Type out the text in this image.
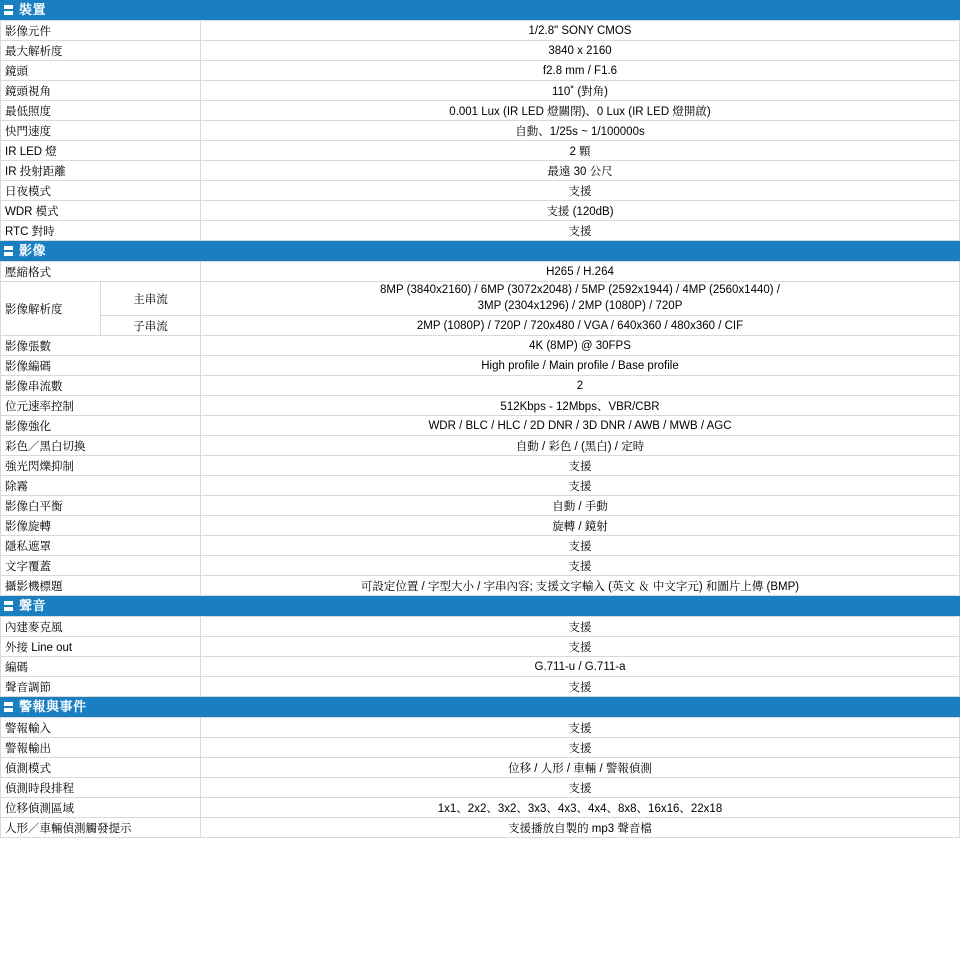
裝置
影像元件	1/2.8" SONY CMOS
最大解析度	3840 x 2160
鏡頭	f2.8 mm / F1.6
鏡頭視角	110˚ (對角)
最低照度	0.001 Lux (IR LED 燈關閉)、0 Lux (IR LED 燈開啟)
快門速度	自動、1/25s ~ 1/100000s
IR LED 燈	2 顆
IR 投射距離	最遠 30 公尺
日夜模式	支援
WDR 模式	支援 (120dB)
RTC 對時	支援
影像
壓縮格式		H265 / H.264
影像解析度	主串流	8MP (3840x2160) / 6MP (3072x2048) / 5MP (2592x1944) / 4MP (2560x1440) /
3MP (2304x1296) / 2MP (1080P) / 720P

	子串流	2MP (1080P) / 720P / 720x480 / VGA / 640x360 / 480x360 / CIF
影像張數		4K (8MP) @ 30FPS
影像編碼		High profile / Main profile / Base profile
影像串流數		2
位元速率控制		512Kbps - 12Mbps、VBR/CBR
影像強化		WDR / BLC / HLC / 2D DNR / 3D DNR / AWB / MWB / AGC
彩色／黑白切換		自動 / 彩色 / (黑白) / 定時
強光閃爍抑制		支援
除霧		支援
影像白平衡		自動 / 手動
影像旋轉		旋轉 / 鏡射
隱私遮罩		支援
文字覆蓋		支援
攝影機標題		可設定位置 / 字型大小 / 字串內容; 支援文字輸入 (英文 ＆ 中文字元) 和圖片上傳 (BMP)
聲音
內建麥克風	支援
外接 Line out	支援
編碼	G.711-u / G.711-a
聲音調節	支援
警報與事件
警報輸入	支援
警報輸出	支援
偵測模式	位移 / 人形 / 車輛 / 警報偵測
偵測時段排程	支援
位移偵測區域	1x1、2x2、3x2、3x3、4x3、4x4、8x8、16x16、22x18
人形／車輛偵測觸發提示	支援播放自製的 mp3 聲音檔
